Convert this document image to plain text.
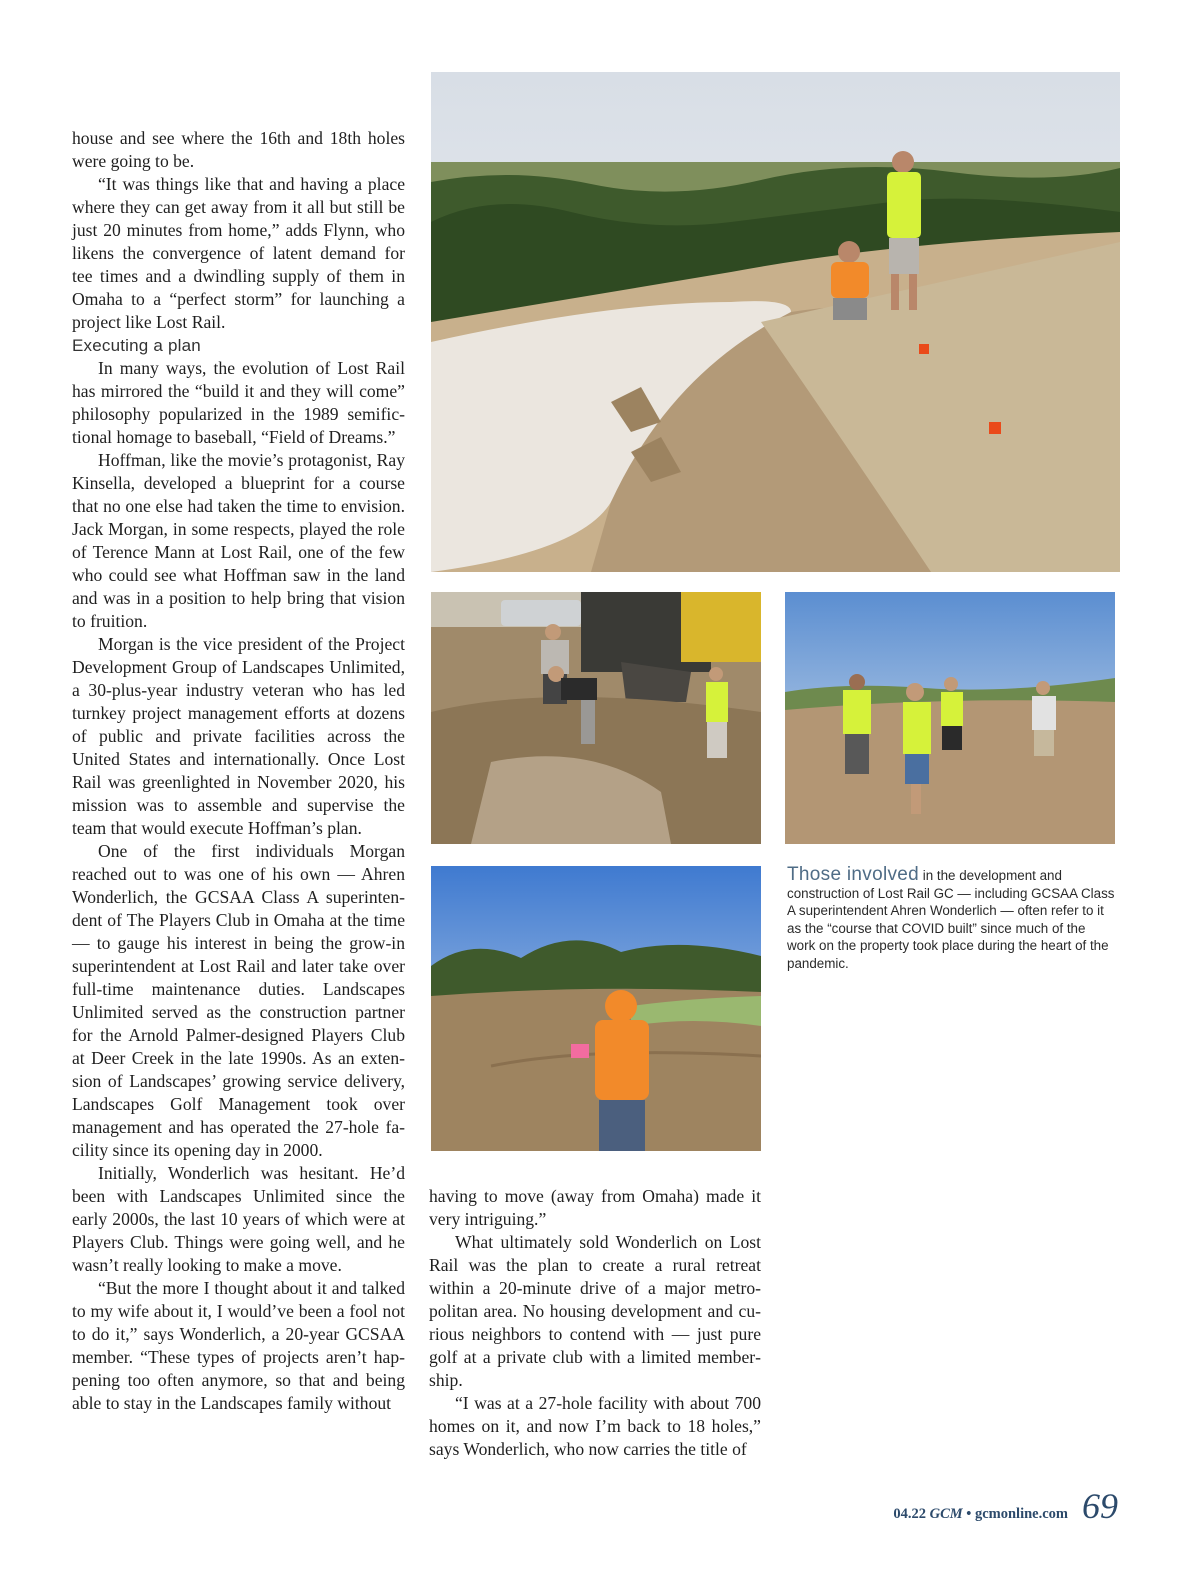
house and see where the 16th and 18th holes were going to be.

“It was things like that and having a place where they can get away from it all but still be just 20 minutes from home,” adds Flynn, who likens the convergence of latent demand for tee times and a dwindling supply of them in Omaha to a “perfect storm” for launching a project like Lost Rail.

Executing a plan

In many ways, the evolution of Lost Rail has mirrored the “build it and they will come” philosophy popularized in the 1989 semifictional homage to baseball, “Field of Dreams.”

Hoffman, like the movie’s protagonist, Ray Kinsella, developed a blueprint for a course that no one else had taken the time to envision. Jack Morgan, in some respects, played the role of Terence Mann at Lost Rail, one of the few who could see what Hoffman saw in the land and was in a position to help bring that vision to fruition.

Morgan is the vice president of the Project Development Group of Landscapes Unlimited, a 30-plus-year industry veteran who has led turnkey project management efforts at dozens of public and private facilities across the United States and internationally. Once Lost Rail was greenlighted in November 2020, his mission was to assemble and supervise the team that would execute Hoffman’s plan.

One of the first individuals Morgan reached out to was one of his own — Ahren Wonderlich, the GCSAA Class A superintendent of The Players Club in Omaha at the time — to gauge his interest in being the grow-in superintendent at Lost Rail and later take over full-time maintenance duties. Landscapes Unlimited served as the construction partner for the Arnold Palmer-designed Players Club at Deer Creek in the late 1990s. As an extension of Landscapes’ growing service delivery, Landscapes Golf Management took over management and has operated the 27-hole facility since its opening day in 2000.

Initially, Wonderlich was hesitant. He’d been with Landscapes Unlimited since the early 2000s, the last 10 years of which were at Players Club. Things were going well, and he wasn’t really looking to make a move.

“But the more I thought about it and talked to my wife about it, I would’ve been a fool not to do it,” says Wonderlich, a 20-year GCSAA member. “These types of projects aren’t happening too often anymore, so that and being able to stay in the Landscapes family without

Those involved in the development and construction of Lost Rail GC — including GCSAA Class A superintendent Ahren Wonderlich — often refer to it as the “course that COVID built” since much of the work on the property took place during the heart of the pandemic.

having to move (away from Omaha) made it very intriguing.”

What ultimately sold Wonderlich on Lost Rail was the plan to create a rural retreat within a 20-minute drive of a major metropolitan area. No housing development and curious neighbors to contend with — just pure golf at a private club with a limited membership.

“I was at a 27-hole facility with about 700 homes on it, and now I’m back to 18 holes,” says Wonderlich, who now carries the title of

04.22 GCM • gcmonline.com 69
